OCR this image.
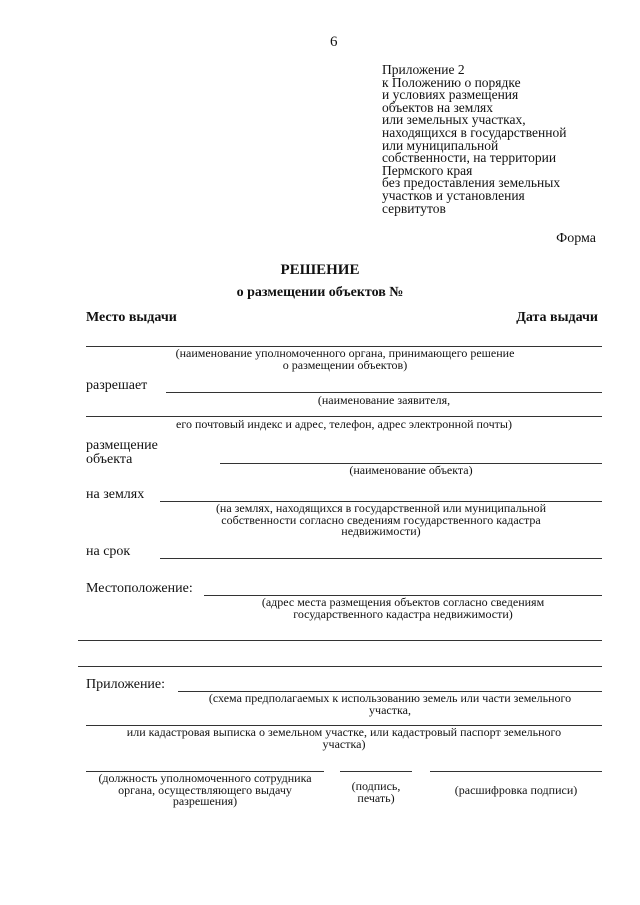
6
Приложение 2
к Положению о порядке
и условиях размещения
объектов на землях
или земельных участках,
находящихся в государственной
или муниципальной
собственности, на территории
Пермского края
без предоставления земельных
участков и установления
сервитутов
Форма
РЕШЕНИЕ
о размещении объектов №
Место выдачи	Дата выдачи
(наименование уполномоченного органа, принимающего решение
о размещении объектов)
разрешает
(наименование заявителя,
его почтовый индекс и адрес, телефон, адрес электронной почты)
размещение
объекта
(наименование объекта)
на землях
(на землях, находящихся в государственной или муниципальной
собственности согласно сведениям государственного кадастра
недвижимости)
на срок
Местоположение:
(адрес места размещения объектов согласно сведениям
государственного кадастра недвижимости)
Приложение:
(схема предполагаемых к использованию земель или части земельного
участка,
или кадастровая выписка о земельном участке, или кадастровый паспорт земельного
участка)
(должность уполномоченного сотрудника
органа, осуществляющего выдачу
разрешения)
(подпись,
печать)
(расшифровка подписи)
